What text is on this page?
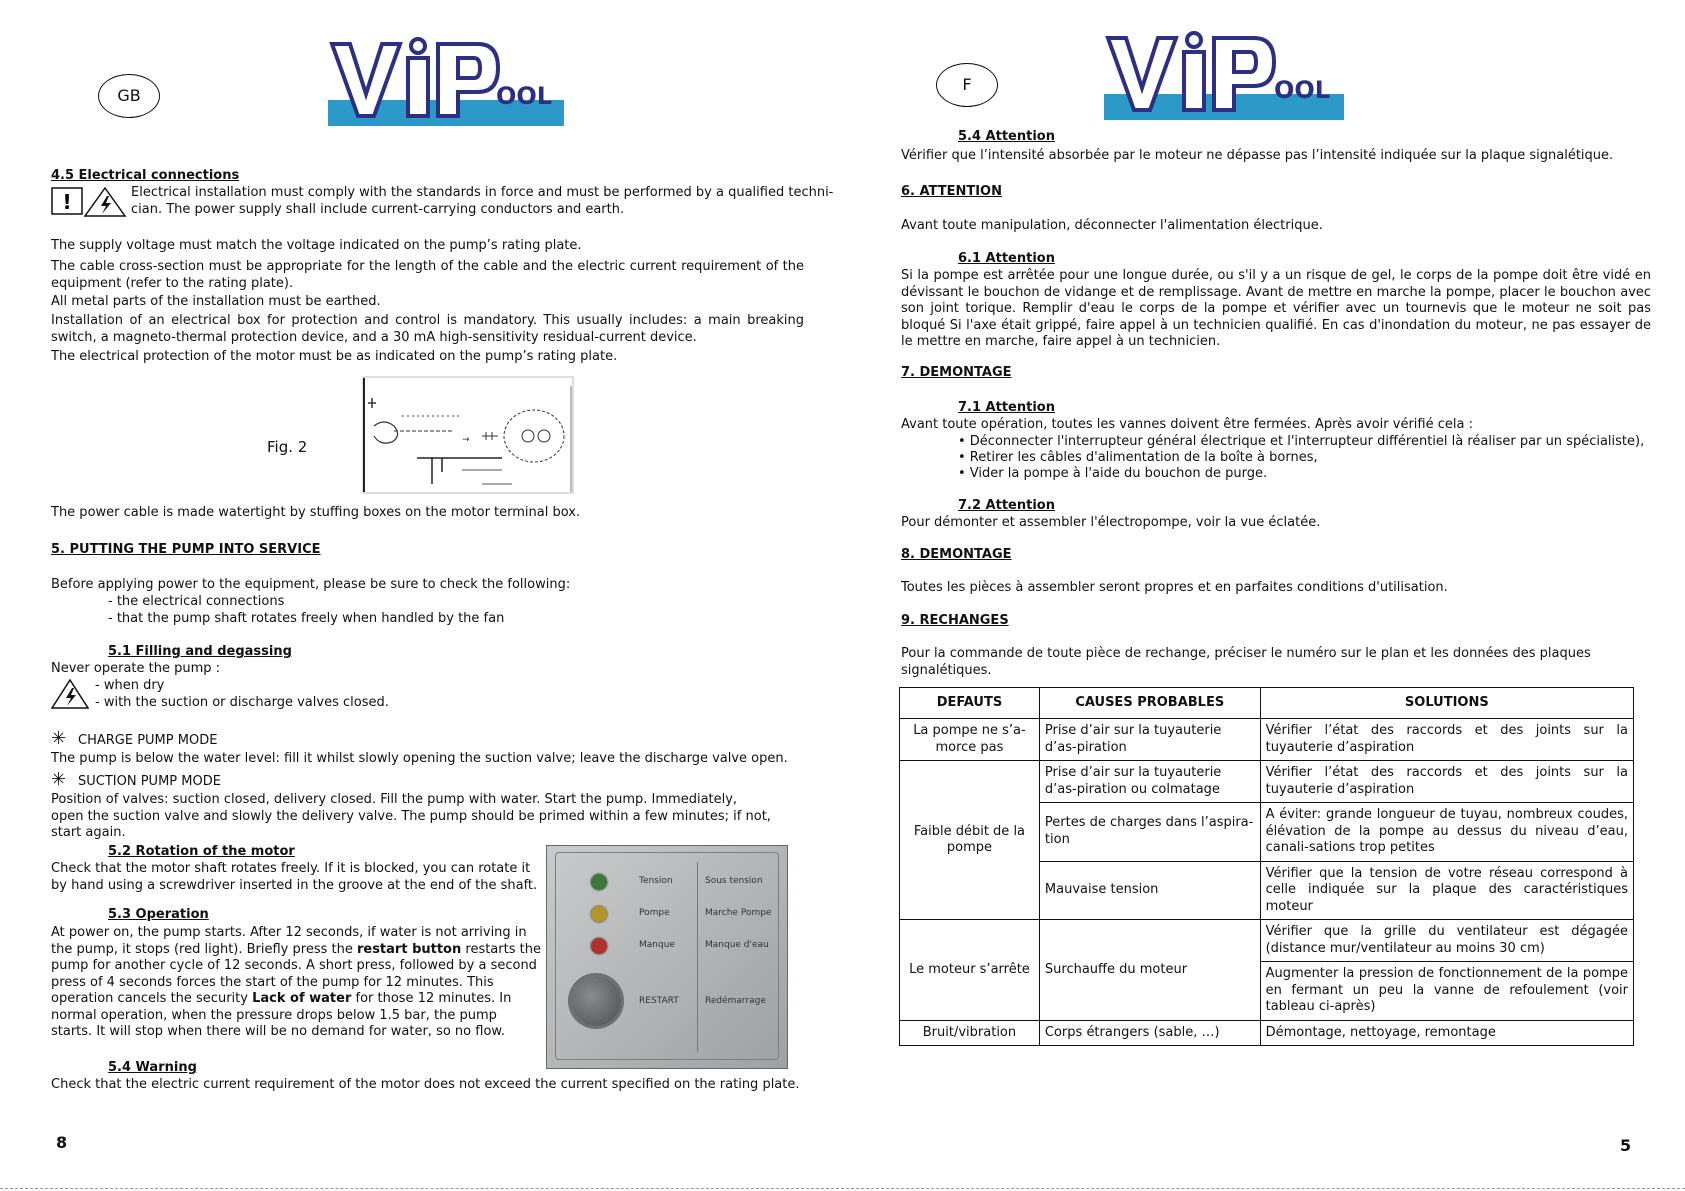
GB	OOL
4.5 Electrical connections
!	Electrical installation must comply with the standards in force and must be performed by a qualified techni-
cian. The power supply shall include current-carrying conductors and earth.
The supply voltage must match the voltage indicated on the pump’s rating plate.
The cable cross-section must be appropriate for the length of the cable and the electric current requirement of the equipment (refer to the rating plate).
All metal parts of the installation must be earthed.
Installation of an electrical box for protection and control is mandatory. This usually includes: a main breaking switch, a magneto-thermal protection device, and a 30 mA high-sensitivity residual-current device.
The electrical protection of the motor must be as indicated on the pump’s rating plate.
Fig. 2	→
The power cable is made watertight by stuffing boxes on the motor terminal box.
5. PUTTING THE PUMP INTO SERVICE
Before applying power to the equipment, please be sure to check the following:
- the electrical connections
- that the pump shaft rotates freely when handled by the fan
5.1 Filling and degassing
Never operate the pump :
- when dry
- with the suction or discharge valves closed.
✳ CHARGE PUMP MODE
The pump is below the water level: fill it whilst slowly opening the suction valve; leave the discharge valve open.
✳ SUCTION PUMP MODE
Position of valves: suction closed, delivery closed. Fill the pump with water. Start the pump. Immediately, open the suction valve and slowly the delivery valve. The pump should be primed within a few minutes; if not, start again.
5.2 Rotation of the motor
Check that the motor shaft rotates freely. If it is blocked, you can rotate it by hand using a screwdriver inserted in the groove at the end of the shaft.
5.3 Operation
At power on, the pump starts. After 12 seconds, if water is not arriving in the pump, it stops (red light). Briefly press the restart button restarts the pump for another cycle of 12 seconds. A short press, followed by a second press of 4 seconds forces the start of the pump for 12 minutes. This operation cancels the security Lack of water for those 12 minutes. In normal operation, when the pressure drops below 1.5 bar, the pump starts. It will stop when there will be no demand for water, so no flow.
Tension	Sous tension
Pompe	Marche Pompe
Manque	Manque d'eau
RESTART	Redémarrage
5.4 Warning
Check that the electric current requirement of the motor does not exceed the current specified on the rating plate.
8
F	OOL
5.4 Attention
Vérifier que l’intensité absorbée par le moteur ne dépasse pas l’intensité indiquée sur la plaque signalétique.
6. ATTENTION
Avant toute manipulation, déconnecter l'alimentation électrique.
6.1 Attention
Si la pompe est arrêtée pour une longue durée, ou s'il y a un risque de gel, le corps de la pompe doit être vidé en dévissant le bouchon de vidange et de remplissage. Avant de mettre en marche la pompe, placer le bouchon avec son joint torique. Remplir d'eau le corps de la pompe et vérifier avec un tournevis que le moteur ne soit pas bloqué Si l'axe était grippé, faire appel à un technicien qualifié. En cas d'inondation du moteur, ne pas essayer de le mettre en marche, faire appel à un technicien.
7. DEMONTAGE
7.1 Attention
Avant toute opération, toutes les vannes doivent être fermées. Après avoir vérifié cela :
• Déconnecter l'interrupteur général électrique et l'interrupteur différentiel là réaliser par un spécialiste),
• Retirer les câbles d'alimentation de la boîte à bornes,
• Vider la pompe à l'aide du bouchon de purge.
7.2 Attention
Pour démonter et assembler l'électropompe, voir la vue éclatée.
8. DEMONTAGE
Toutes les pièces à assembler seront propres et en parfaites conditions d'utilisation.
9. RECHANGES
Pour la commande de toute pièce de rechange, préciser le numéro sur le plan et les données des plaques signalétiques.
DEFAUTS	CAUSES PROBABLES	SOLUTIONS
La pompe ne s’a-morce pas	Prise d’air sur la tuyauterie d’as-piration	Vérifier l’état des raccords et des joints sur la tuyauterie d’aspiration
Faible débit de la pompe	Prise d’air sur la tuyauterie d’as-piration ou colmatage	Vérifier l’état des raccords et des joints sur la tuyauterie d’aspiration
	Pertes de charges dans l’aspira-tion	A éviter: grande longueur de tuyau, nombreux coudes, élévation de la pompe au dessus du niveau d’eau, canali-sations trop petites
	Mauvaise tension	Vérifier que la tension de votre réseau correspond à celle indiquée sur la plaque des caractéristiques moteur
Le moteur s’arrête	Surchauffe du moteur	Vérifier que la grille du ventilateur est dégagée (distance mur/ventilateur au moins 30 cm)
		Augmenter la pression de fonctionnement de la pompe en fermant un peu la vanne de refoulement (voir tableau ci-après)
Bruit/vibration	Corps étrangers (sable, …)	Démontage, nettoyage, remontage
5
